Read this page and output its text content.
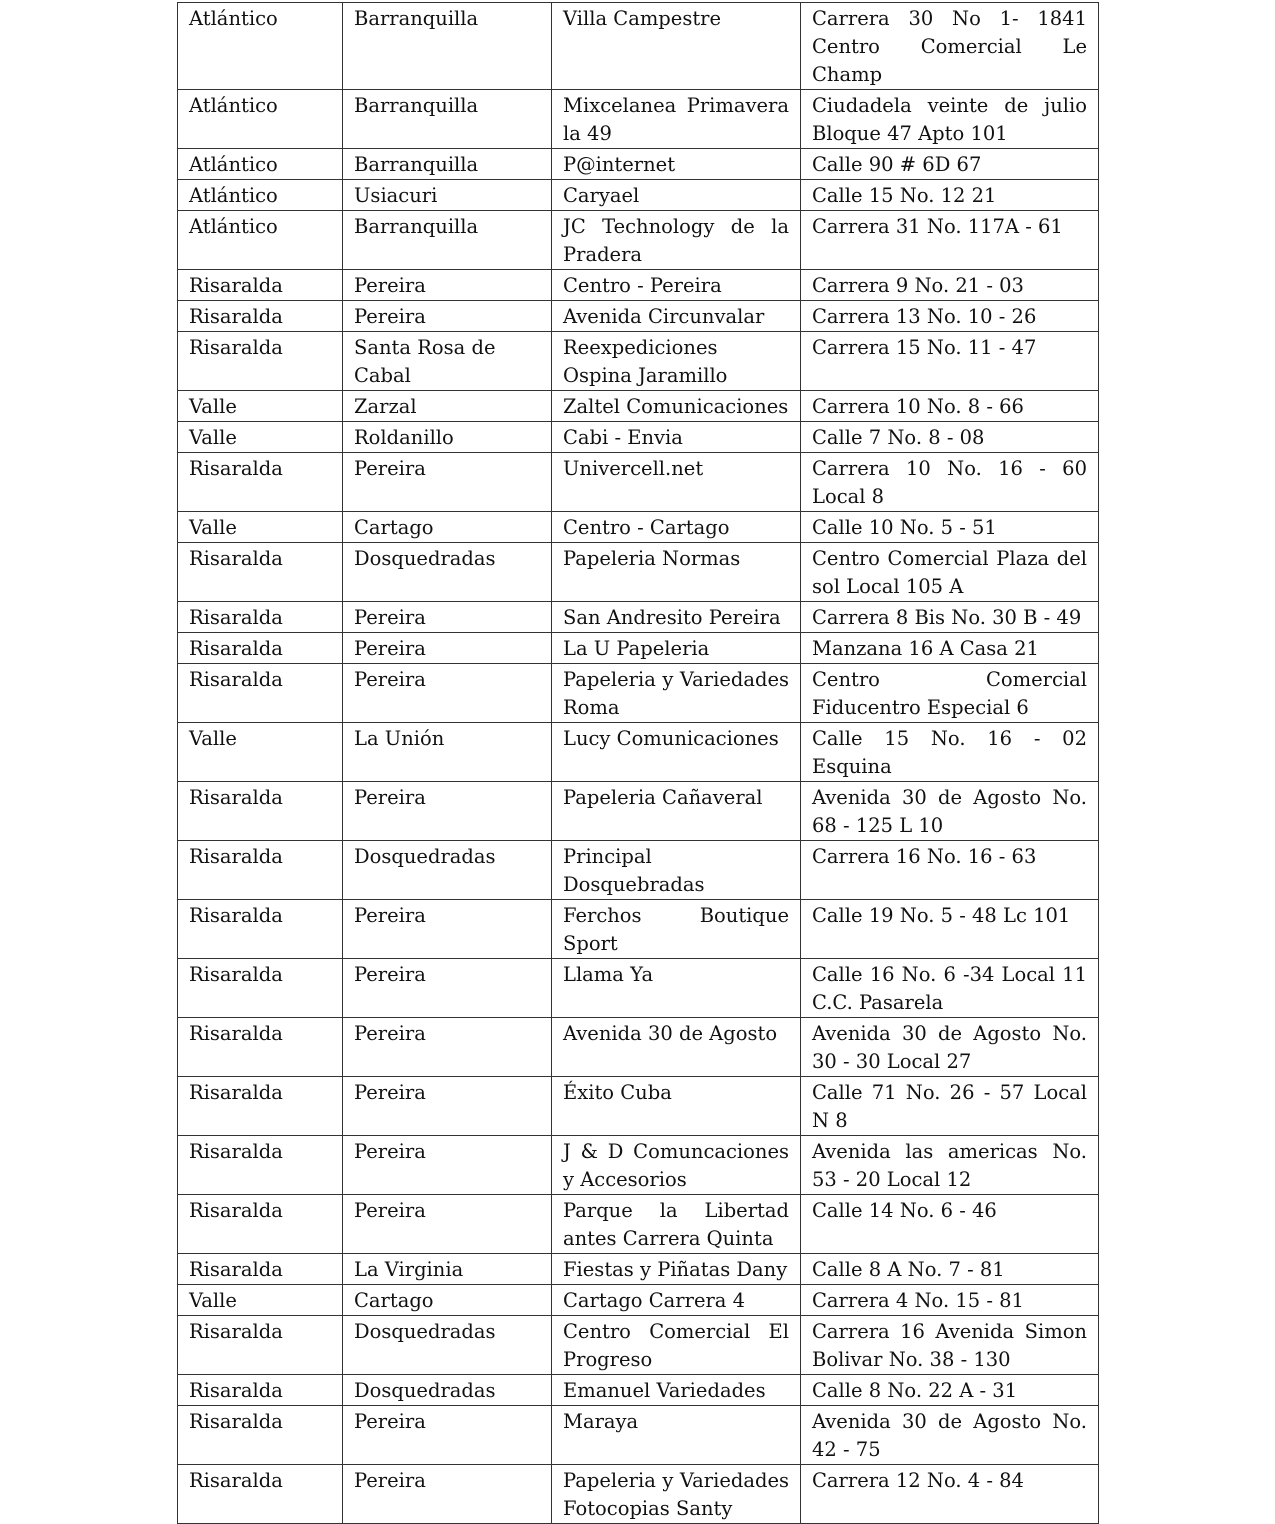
Atlántico	Barranquilla	Villa Campestre	Carrera 30 No 1- 1841 Centro Comercial Le Champ
Atlántico	Barranquilla	Mixcelanea Primavera la 49	Ciudadela veinte de julio Bloque 47 Apto 101
Atlántico	Barranquilla	P@internet	Calle 90 # 6D 67
Atlántico	Usiacuri	Caryael	Calle 15 No. 12 21
Atlántico	Barranquilla	JC Technology de la Pradera	Carrera 31 No. 117A - 61
Risaralda	Pereira	Centro - Pereira	Carrera 9 No. 21 - 03
Risaralda	Pereira	Avenida Circunvalar	Carrera 13 No. 10 - 26
Risaralda	Santa Rosa de Cabal	Reexpediciones Ospina Jaramillo	Carrera 15 No. 11 - 47
Valle	Zarzal	Zaltel Comunicaciones	Carrera 10 No. 8 - 66
Valle	Roldanillo	Cabi - Envia	Calle 7 No. 8 - 08
Risaralda	Pereira	Univercell.net	Carrera 10 No. 16 - 60 Local 8
Valle	Cartago	Centro - Cartago	Calle 10 No. 5 - 51
Risaralda	Dosquedradas	Papeleria Normas	Centro Comercial Plaza del sol Local 105 A
Risaralda	Pereira	San Andresito Pereira	Carrera 8 Bis No. 30 B - 49
Risaralda	Pereira	La U Papeleria	Manzana 16 A Casa 21
Risaralda	Pereira	Papeleria y Variedades Roma	Centro Comercial Fiducentro Especial 6
Valle	La Unión	Lucy Comunicaciones	Calle 15 No. 16 - 02 Esquina
Risaralda	Pereira	Papeleria Cañaveral	Avenida 30 de Agosto No. 68 - 125 L 10
Risaralda	Dosquedradas	Principal Dosquebradas	Carrera 16 No. 16 - 63
Risaralda	Pereira	Ferchos Boutique Sport	Calle 19 No. 5 - 48 Lc 101
Risaralda	Pereira	Llama Ya	Calle 16 No. 6 -34 Local 11 C.C. Pasarela
Risaralda	Pereira	Avenida 30 de Agosto	Avenida 30 de Agosto No. 30 - 30 Local 27
Risaralda	Pereira	Éxito Cuba	Calle 71 No. 26 - 57 Local N 8
Risaralda	Pereira	J & D Comuncaciones y Accesorios	Avenida las americas No. 53 - 20 Local 12
Risaralda	Pereira	Parque la Libertad antes Carrera Quinta	Calle 14 No. 6 - 46
Risaralda	La Virginia	Fiestas y Piñatas Dany	Calle 8 A No. 7 - 81
Valle	Cartago	Cartago Carrera 4	Carrera 4 No. 15 - 81
Risaralda	Dosquedradas	Centro Comercial El Progreso	Carrera 16 Avenida Simon Bolivar No. 38 - 130
Risaralda	Dosquedradas	Emanuel Variedades	Calle 8 No. 22 A - 31
Risaralda	Pereira	Maraya	Avenida 30 de Agosto No. 42 - 75
Risaralda	Pereira	Papeleria y Variedades Fotocopias Santy	Carrera 12 No. 4 - 84
